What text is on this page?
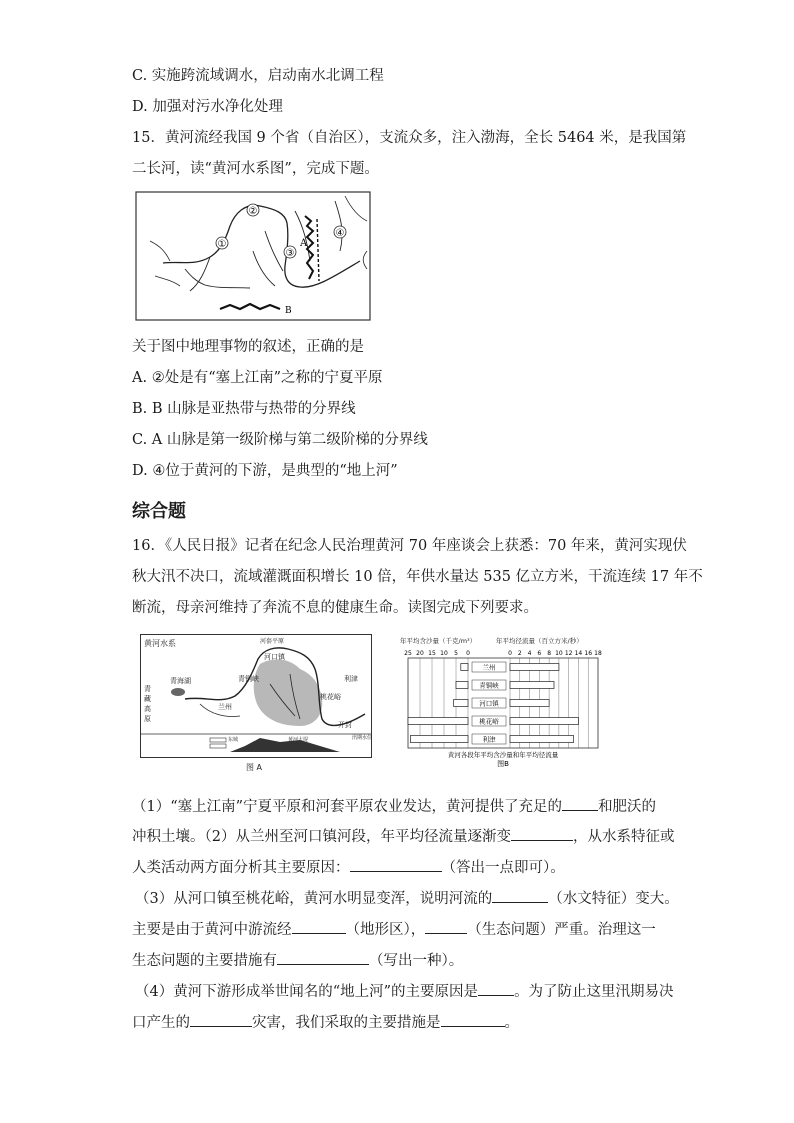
C. 实施跨流域调水，启动南水北调工程
D. 加强对污水净化处理
15．黄河流经我国 9 个省（自治区），支流众多，注入渤海，全长 5464 米，是我国第
二长河，读“黄河水系图”，完成下题。
②
①
③
④
A
B
关于图中地理事物的叙述，正确的是
A. ②处是有“塞上江南”之称的宁夏平原
B. B 山脉是亚热带与热带的分界线
C. A 山脉是第一级阶梯与第二级阶梯的分界线
D. ④位于黄河的下游，是典型的“地上河”
综合题
16．《人民日报》记者在纪念人民治理黄河 70 年座谈会上获悉：70 年来，黄河实现伏
秋大汛不决口，流域灌溉面积增长 10 倍，年供水量达 535 亿立方米，干流连续 17 年不
断流，母亲河维持了奔流不息的健康生命。读图完成下列要求。
黄河水系	河套平原
河口镇
青铜峡
青海湖
兰州
桃花峪
利津
开封
青
藏
高
原
东城	黄河大堤	汛期水位
图 A
年平均含沙量（千克/m³）	年平均径流量（百立方米/秒）
25 20 15 10 5 0	0 2 4 6 8 10 12 14 16 18
兰州
青铜峡
河口镇
桃花峪
利津
黄河各段年平均含沙量和年平均径流量
图B
（1）“塞上江南”宁夏平原和河套平原农业发达，黄河提供了充足的 和肥沃的
冲积土壤。（2）从兰州至河口镇河段，年平均径流量逐渐变	，从水系特征或
人类活动两方面分析其主要原因：	（答出一点即可）。
（3）从河口镇至桃花峪，黄河水明显变浑，说明河流的	（水文特征）变大。
主要是由于黄河中游流经	（地形区），	（生态问题）严重。治理这一
生态问题的主要措施有	（写出一种）。
（4）黄河下游形成举世闻名的“地上河”的主要原因是 。为了防止这里汛期易决
口产生的	灾害，我们采取的主要措施是	。
